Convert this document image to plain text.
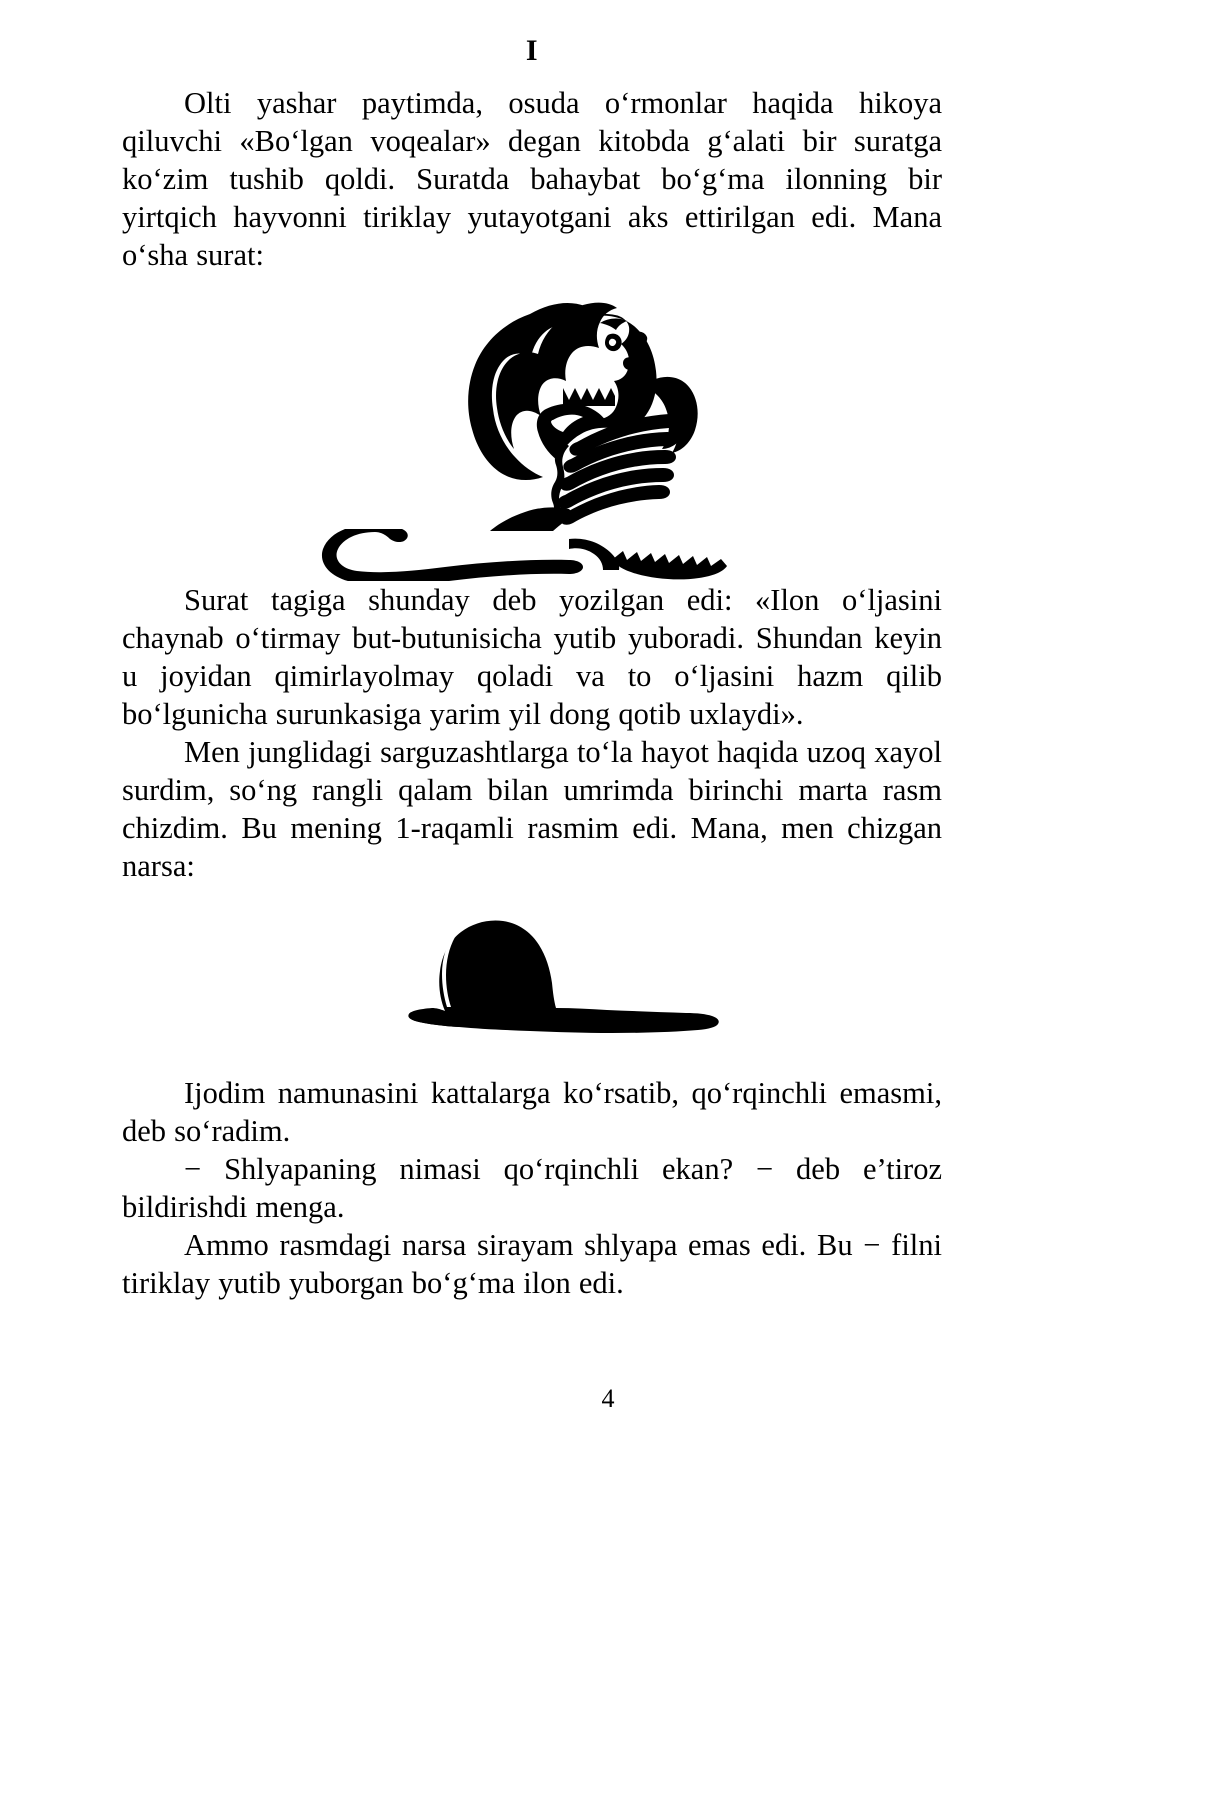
I

Olti yashar paytimda, osuda o‘rmonlar haqida hikoya qiluvchi «Bo‘lgan voqealar» degan kitobda g‘alati bir suratga ko‘zim tushib qoldi. Suratda bahaybat bo‘g‘ma ilonning bir yirtqich hayvonni tiriklay yutayotgani aks ettirilgan edi. Mana o‘sha surat:

Surat tagiga shunday deb yozilgan edi: «Ilon o‘ljasini chaynab o‘tirmay but-butunisicha yutib yuboradi. Shundan keyin u joyidan qimirlayolmay qoladi va to o‘ljasini hazm qilib bo‘lgunicha surunkasiga yarim yil dong qotib uxlaydi».

Men junglidagi sarguzashtlarga to‘la hayot haqida uzoq xayol surdim, so‘ng rangli qalam bilan umrimda birinchi marta rasm chizdim. Bu mening 1-raqamli rasmim edi. Mana, men chizgan narsa:

Ijodim namunasini kattalarga ko‘rsatib, qo‘rqinchli emasmi, deb so‘radim.

− Shlyapaning nimasi qo‘rqinchli ekan? − deb e’tiroz bildirishdi menga.

Ammo rasmdagi narsa sirayam shlyapa emas edi. Bu − filni tiriklay yutib yuborgan bo‘g‘ma ilon edi.

4
